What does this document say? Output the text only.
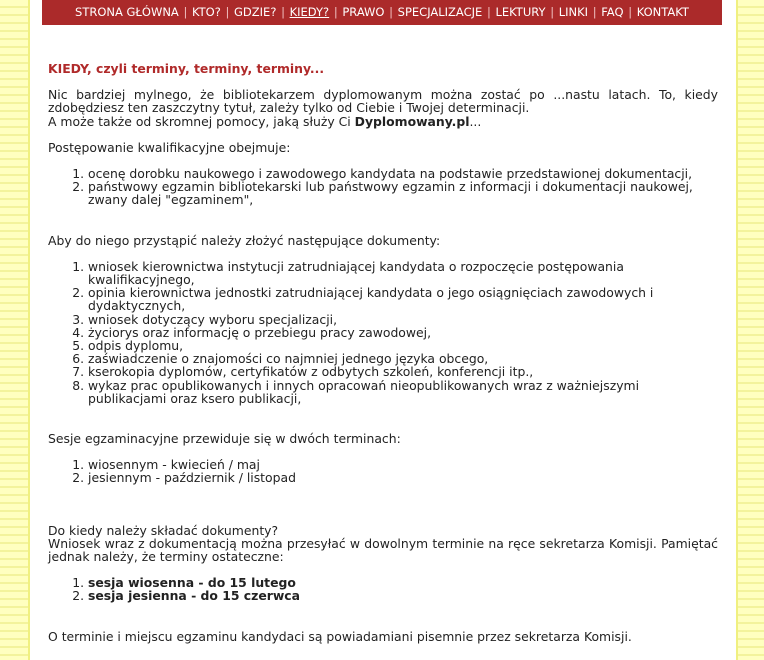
STRONA GŁÓWNA | KTO? | GDZIE? | KIEDY? | PRAWO | SPECJALIZACJE | LEKTURY | LINKI | FAQ | KONTAKT
KIEDY, czyli terminy, terminy, terminy...

Nic bardziej mylnego, że bibliotekarzem dyplomowanym można zostać po ...nastu latach. To, kiedy zdobędziesz ten zaszczytny tytuł, zależy tylko od Ciebie i Twojej determinacji.
A może także od skromnej pomocy, jaką służy Ci Dyplomowany.pl...

Postępowanie kwalifikacyjne obejmuje:

1. ocenę dorobku naukowego i zawodowego kandydata na podstawie przedstawionej dokumentacji,
2. państwowy egzamin bibliotekarski lub państwowy egzamin z informacji i dokumentacji naukowej, zwany dalej "egzaminem",

Aby do niego przystąpić należy złożyć następujące dokumenty:

1. wniosek kierownictwa instytucji zatrudniającej kandydata o rozpoczęcie postępowania kwalifikacyjnego,
2. opinia kierownictwa jednostki zatrudniającej kandydata o jego osiągnięciach zawodowych i dydaktycznych,
3. wniosek dotyczący wyboru specjalizacji,
4. życiorys oraz informację o przebiegu pracy zawodowej,
5. odpis dyplomu,
6. zaświadczenie o znajomości co najmniej jednego języka obcego,
7. kserokopia dyplomów, certyfikatów z odbytych szkoleń, konferencji itp.,
8. wykaz prac opublikowanych i innych opracowań nieopublikowanych wraz z ważniejszymi publikacjami oraz ksero publikacji,

Sesje egzaminacyjne przewiduje się w dwóch terminach:

1. wiosennym - kwiecień / maj
2. jesiennym - październik / listopad

Do kiedy należy składać dokumenty?
Wniosek wraz z dokumentacją można przesyłać w dowolnym terminie na ręce sekretarza Komisji. Pamiętać jednak należy, że terminy ostateczne:

1. sesja wiosenna - do 15 lutego
2. sesja jesienna - do 15 czerwca

O terminie i miejscu egzaminu kandydaci są powiadamiani pisemnie przez sekretarza Komisji.
